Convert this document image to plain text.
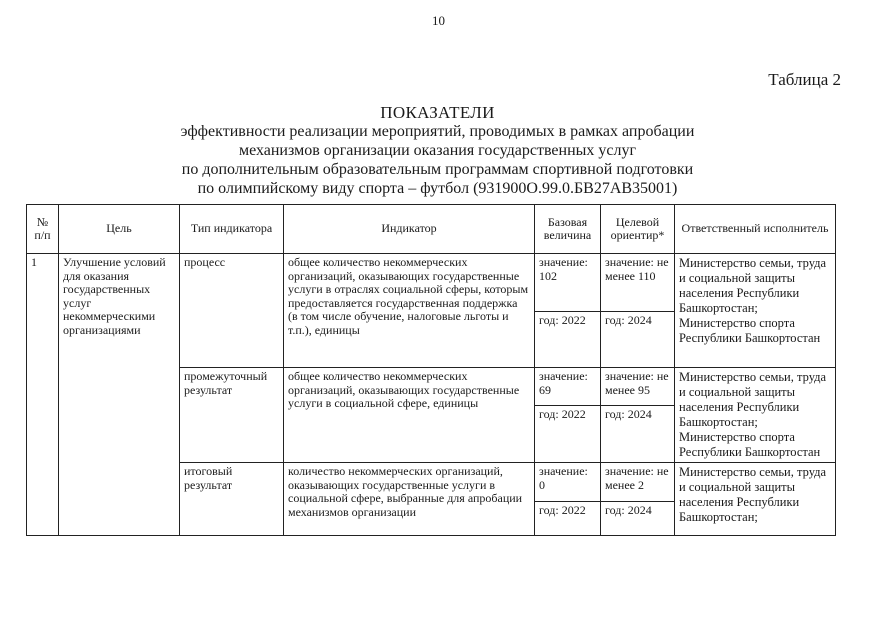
10
Таблица 2
ПОКАЗАТЕЛИ
эффективности реализации мероприятий, проводимых в рамках апробации
механизмов организации оказания государственных услуг
по дополнительным образовательным программам спортивной подготовки
по олимпийскому виду спорта – футбол (931900О.99.0.БВ27АВ35001)
№ п/п	Цель	Тип индикатора	Индикатор	Базовая величина	Целевой ориентир*	Ответственный исполнитель
1	Улучшение условий для оказания государственных услуг некоммерческими организациями	процесс	общее количество некоммерческих организаций, оказывающих государственные услуги в отраслях социальной сферы, которым предоставляется государственная поддержка (в том числе обучение, налоговые льготы и т.п.), единицы	значение: 102	значение: не менее 110	Министерство семьи, труда и социальной защиты населения Республики Башкортостан; Министерство спорта Республики Башкортостан
				год: 2022	год: 2024	
		промежуточный результат	общее количество некоммерческих организаций, оказывающих государственные услуги в социальной сфере, единицы	значение: 69	значение: не менее 95	Министерство семьи, труда и социальной защиты населения Республики Башкортостан; Министерство спорта Республики Башкортостан
				год: 2022	год: 2024	
		итоговый результат	количество некоммерческих организаций, оказывающих государственные услуги в социальной сфере, выбранные для апробации механизмов организации	значение: 0	значение: не менее 2	Министерство семьи, труда и социальной защиты населения Республики Башкортостан;
				год: 2022	год: 2024	
